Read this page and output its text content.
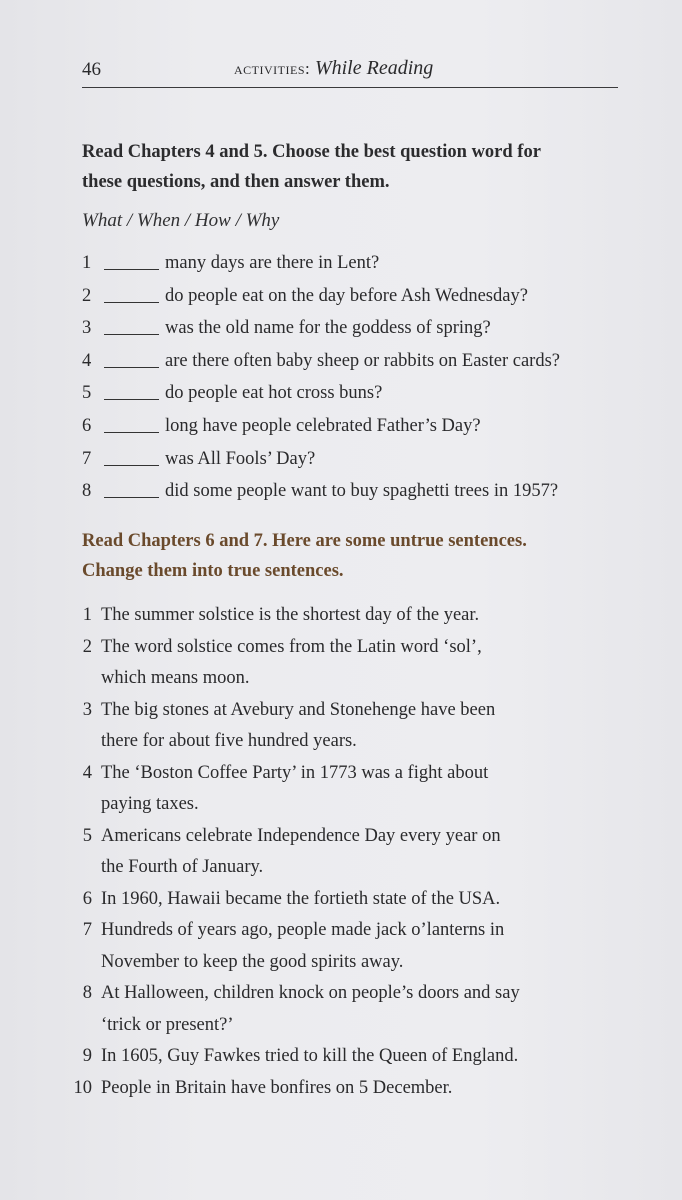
46	activities: While Reading
Read Chapters 4 and 5. Choose the best question word for
these questions, and then answer them.
What / When / How / Why
1	many days are there in Lent?
2	do people eat on the day before Ash Wednesday?
3	was the old name for the goddess of spring?
4	are there often baby sheep or rabbits on Easter cards?
5	do people eat hot cross buns?
6	long have people celebrated Father’s Day?
7	was All Fools’ Day?
8	did some people want to buy spaghetti trees in 1957?
Read Chapters 6 and 7. Here are some untrue sentences.
Change them into true sentences.
1 The summer solstice is the shortest day of the year.
2 The word solstice comes from the Latin word ‘sol’,
which means moon.
3 The big stones at Avebury and Stonehenge have been
there for about five hundred years.
4 The ‘Boston Coffee Party’ in 1773 was a fight about
paying taxes.
5 Americans celebrate Independence Day every year on
the Fourth of January.
6 In 1960, Hawaii became the fortieth state of the USA.
7 Hundreds of years ago, people made jack o’lanterns in
November to keep the good spirits away.
8 At Halloween, children knock on people’s doors and say
‘trick or present?’
9 In 1605, Guy Fawkes tried to kill the Queen of England.
10 People in Britain have bonfires on 5 December.
